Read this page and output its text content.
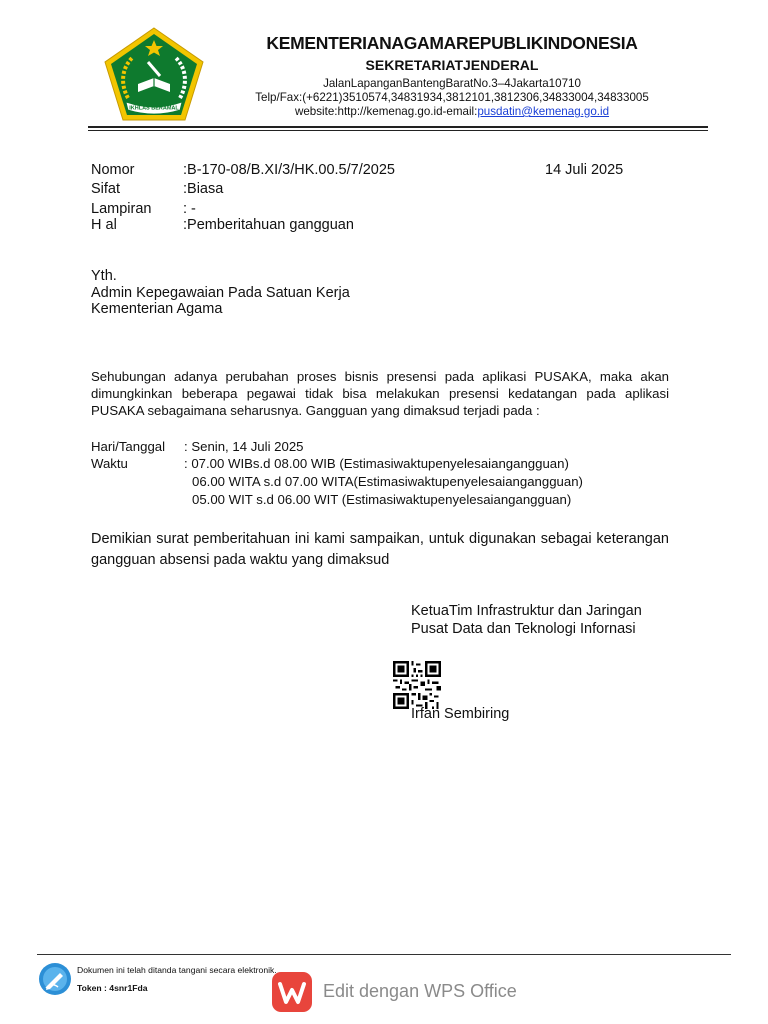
IKHLAS BERAMAL
KEMENTERIANAGAMAREPUBLIKINDONESIA
SEKRETARIATJENDERAL
JalanLapanganBantengBaratNo.3–4Jakarta10710
Telp/Fax:(+6221)3510574,34831934,3812101,3812306,34833004,34833005
website:http://kemenag.go.id-email:pusdatin@kemenag.go.id
Nomor	:B-170-08/B.XI/3/HK.00.5/7/2025	14 Juli 2025
Sifat	:Biasa
Lampiran : -
H al	:Pemberitahuan gangguan
Yth.
Admin Kepegawaian Pada Satuan Kerja
Kementerian Agama
Sehubungan adanya perubahan proses bisnis presensi pada aplikasi PUSAKA, maka akan dimungkinkan beberapa pegawai tidak bisa melakukan presensi kedatangan pada aplikasi PUSAKA sebagaimana seharusnya. Gangguan yang dimaksud terjadi pada :
Hari/Tanggal : Senin, 14 Juli 2025
Waktu	: 07.00 WIBs.d 08.00 WIB (Estimasiwaktupenyelesaiangangguan)
06.00 WITA s.d 07.00 WITA(Estimasiwaktupenyelesaiangangguan)
05.00 WIT s.d 06.00 WIT (Estimasiwaktupenyelesaiangangguan)
Demikian surat pemberitahuan ini kami sampaikan, untuk digunakan sebagai keterangan gangguan absensi pada waktu yang dimaksud
KetuaTim Infrastruktur dan Jaringan
Pusat Data dan Teknologi Infornasi
Irfan Sembiring
Dokumen ini telah ditanda tangani secara elektronik.
Token : 4snr1Fda	Edit dengan WPS Office
